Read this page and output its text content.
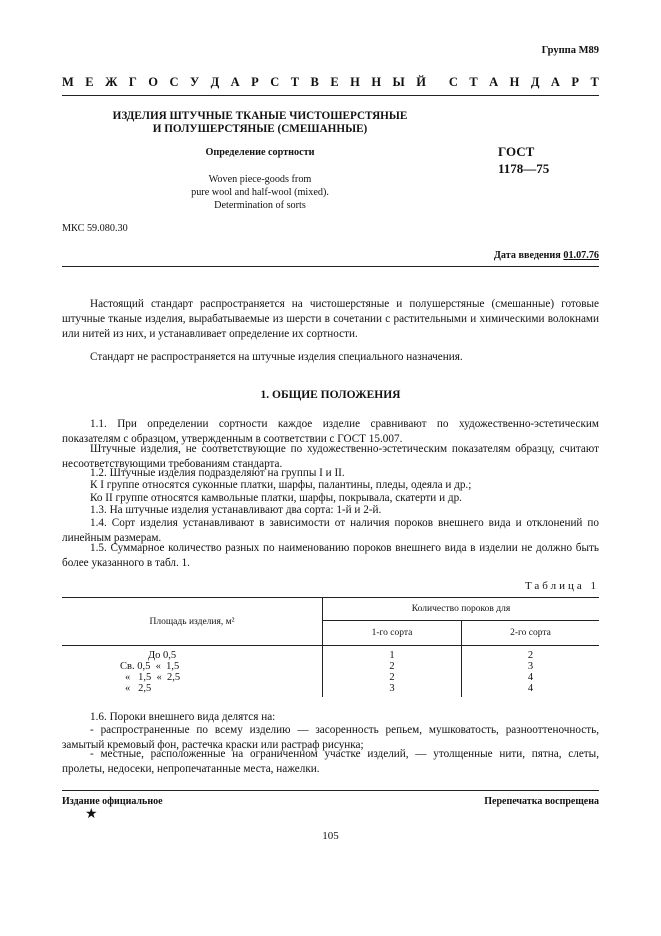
Группа М89
М Е Ж Г О С У Д А Р С Т В Е Н Н Ы Й С Т А Н Д А Р Т
ИЗДЕЛИЯ ШТУЧНЫЕ ТКАНЫЕ ЧИСТОШЕРСТЯНЫЕ
И ПОЛУШЕРСТЯНЫЕ (СМЕШАННЫЕ)
Определение сортности	ГОСТ
1178—75
Woven piece-goods from
pure wool and half-wool (mixed).
Determination of sorts
МКС 59.080.30
Дата введения 01.07.76

Настоящий стандарт распространяется на чистошерстяные и полушерстяные (смешанные) готовые штучные тканые изделия, вырабатываемые из шерсти в сочетании с растительными и химическими волокнами или нитей из них, и устанавливает определение их сортности.

Стандарт не распространяется на штучные изделия специального назначения.

1. ОБЩИЕ ПОЛОЖЕНИЯ

1.1. При определении сортности каждое изделие сравнивают по художественно-эстетическим показателям с образцом, утвержденным в соответствии с ГОСТ 15.007.

Штучные изделия, не соответствующие по художественно-эстетическим показателям образцу, считают несоответствующими требованиям стандарта.

1.2. Штучные изделия подразделяют на группы I и II.

К I группе относятся суконные платки, шарфы, палантины, пледы, одеяла и др.;

Ко II группе относятся камвольные платки, шарфы, покрывала, скатерти и др.

1.3. На штучные изделия устанавливают два сорта: 1-й и 2-й.

1.4. Сорт изделия устанавливают в зависимости от наличия пороков внешнего вида и отклонений по линейным размерам.

1.5. Суммарное количество разных по наименованию пороков внешнего вида в изделии не должно быть более указанного в табл. 1.

Таблица 1
Площадь изделия, м²	Количество пороков для	
	1-го сорта	2-го сорта
До 0,5	1	2
Св. 0,5  «  1,5	2	3
«   1,5  «  2,5	2	4
«   2,5	3	4

1.6. Пороки внешнего вида делятся на:

- распространенные по всему изделию — засоренность репьем, мушковатость, разнооттеночность, замытый кремовый фон, растечка краски или растраф рисунка;

- местные, расположенные на ограниченном участке изделий, — утолщенные нити, пятна, слеты, пролеты, недосеки, непропечатанные места, нажелки.

Издание официальное	Перепечатка воспрещена
★
105
